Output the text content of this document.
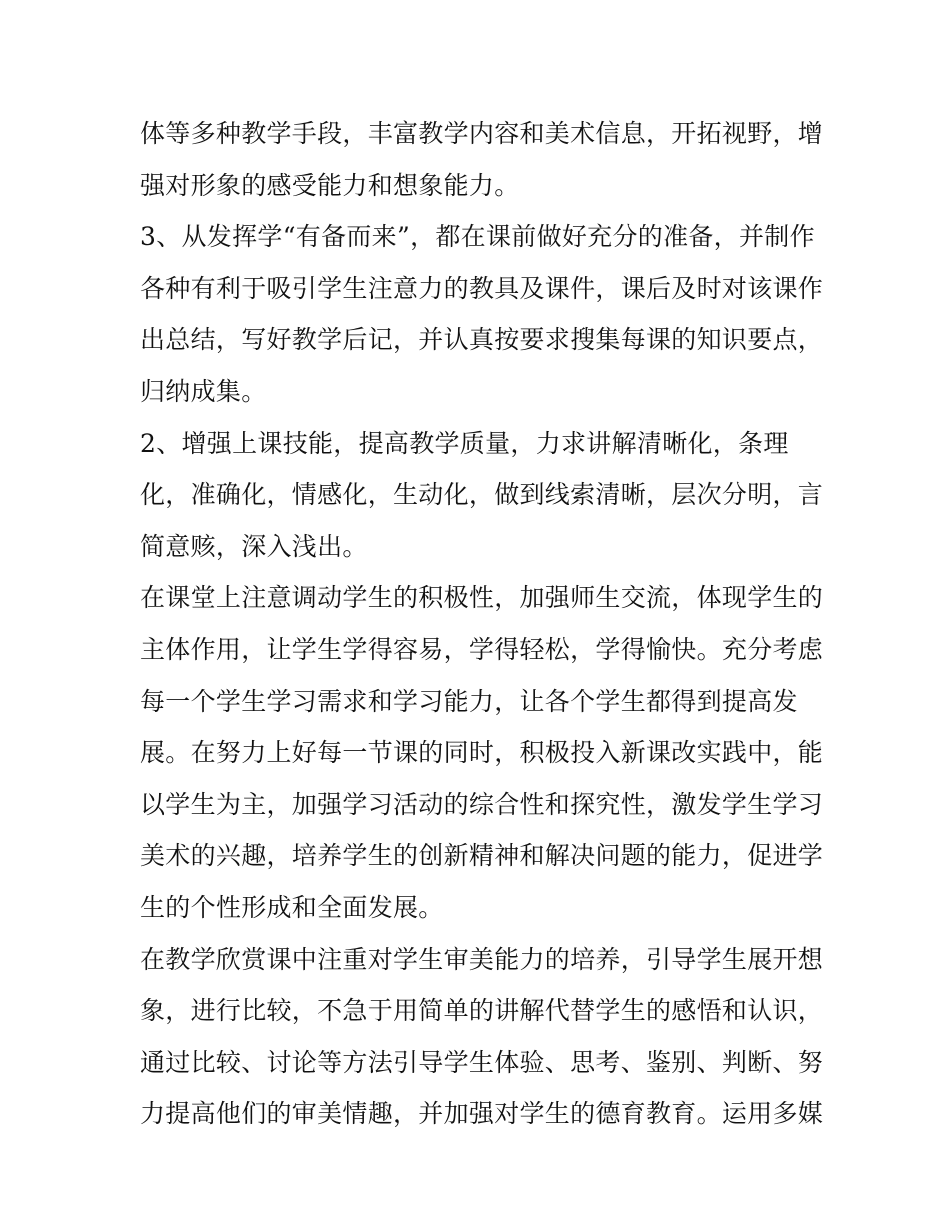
体等多种教学手段，丰富教学内容和美术信息，开拓视野，增
强对形象的感受能力和想象能力。
3、从发挥学“有备而来”，都在课前做好充分的准备，并制作
各种有利于吸引学生注意力的教具及课件，课后及时对该课作
出总结，写好教学后记，并认真按要求搜集每课的知识要点，
归纳成集。
2、增强上课技能，提高教学质量，力求讲解清晰化，条理
化，准确化，情感化，生动化，做到线索清晰，层次分明，言
简意赅，深入浅出。
在课堂上注意调动学生的积极性，加强师生交流，体现学生的
主体作用，让学生学得容易，学得轻松，学得愉快。充分考虑
每一个学生学习需求和学习能力，让各个学生都得到提高发
展。在努力上好每一节课的同时，积极投入新课改实践中，能
以学生为主，加强学习活动的综合性和探究性，激发学生学习
美术的兴趣，培养学生的创新精神和解决问题的能力，促进学
生的个性形成和全面发展。
在教学欣赏课中注重对学生审美能力的培养，引导学生展开想
象，进行比较，不急于用简单的讲解代替学生的感悟和认识，
通过比较、讨论等方法引导学生体验、思考、鉴别、判断、努
力提高他们的审美情趣，并加强对学生的德育教育。运用多媒
